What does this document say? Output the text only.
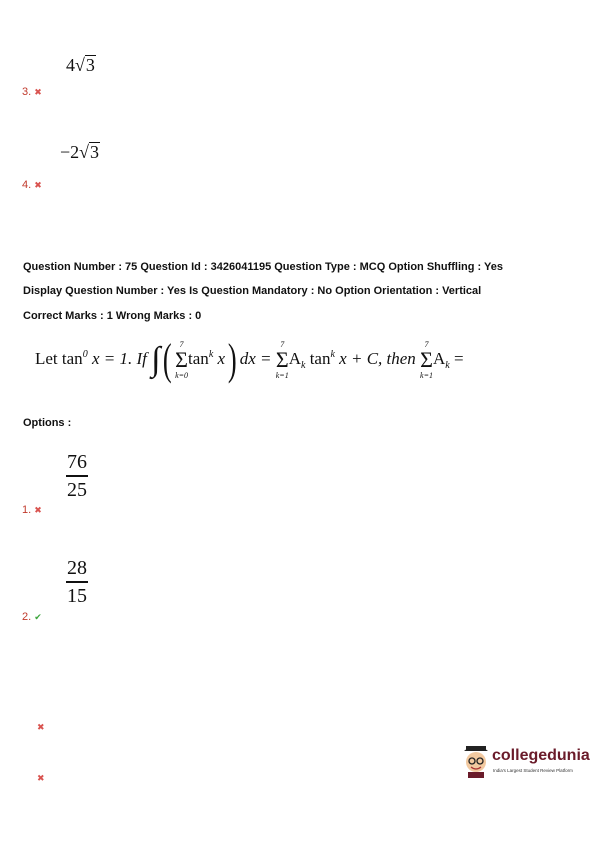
4√3
3. ✖
−2√3
4. ✖
Question Number : 75 Question Id : 3426041195 Question Type : MCQ Option Shuffling : Yes
Display Question Number : Yes Is Question Mandatory : No Option Orientation : Vertical
Correct Marks : 1 Wrong Marks : 0
Let $\tan^0 x = 1$. If ∫( 7
Σ
k=0
$\tan^k x$) dx =
7
Σ
k=1
$A_k$ $\tan^k x + C$, then
7
Σ
k=1
$A_k$ =
Options :
76
25
1. ✖
28
15
2. ✔
✖
✖
collegedunia
India's Largest Student Review Platform
